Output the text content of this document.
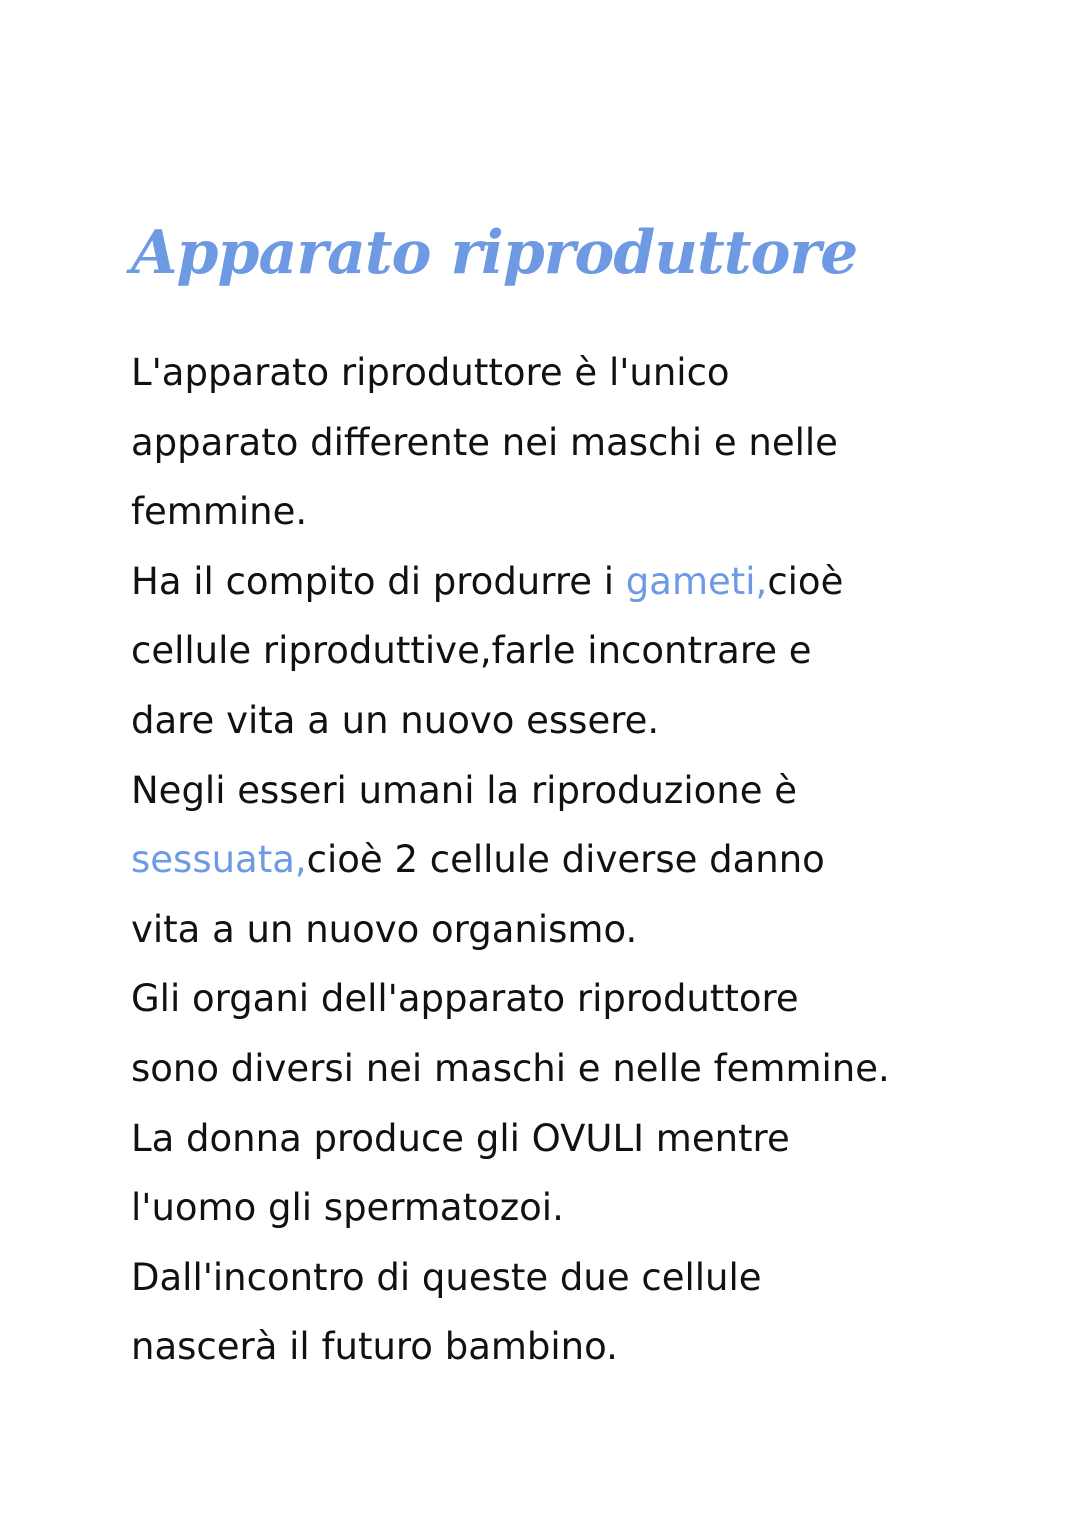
Apparato riproduttore
L'apparato riproduttore è l'unico
apparato differente nei maschi e nelle
femmine.
Ha il compito di produrre i gameti,cioè
cellule riproduttive,farle incontrare e
dare vita a un nuovo essere.
Negli esseri umani la riproduzione è
sessuata,cioè 2 cellule diverse danno
vita a un nuovo organismo.
Gli organi dell'apparato riproduttore
sono diversi nei maschi e nelle femmine.
La donna produce gli OVULI mentre
l'uomo gli spermatozoi.
Dall'incontro di queste due cellule
nascerà il futuro bambino.
